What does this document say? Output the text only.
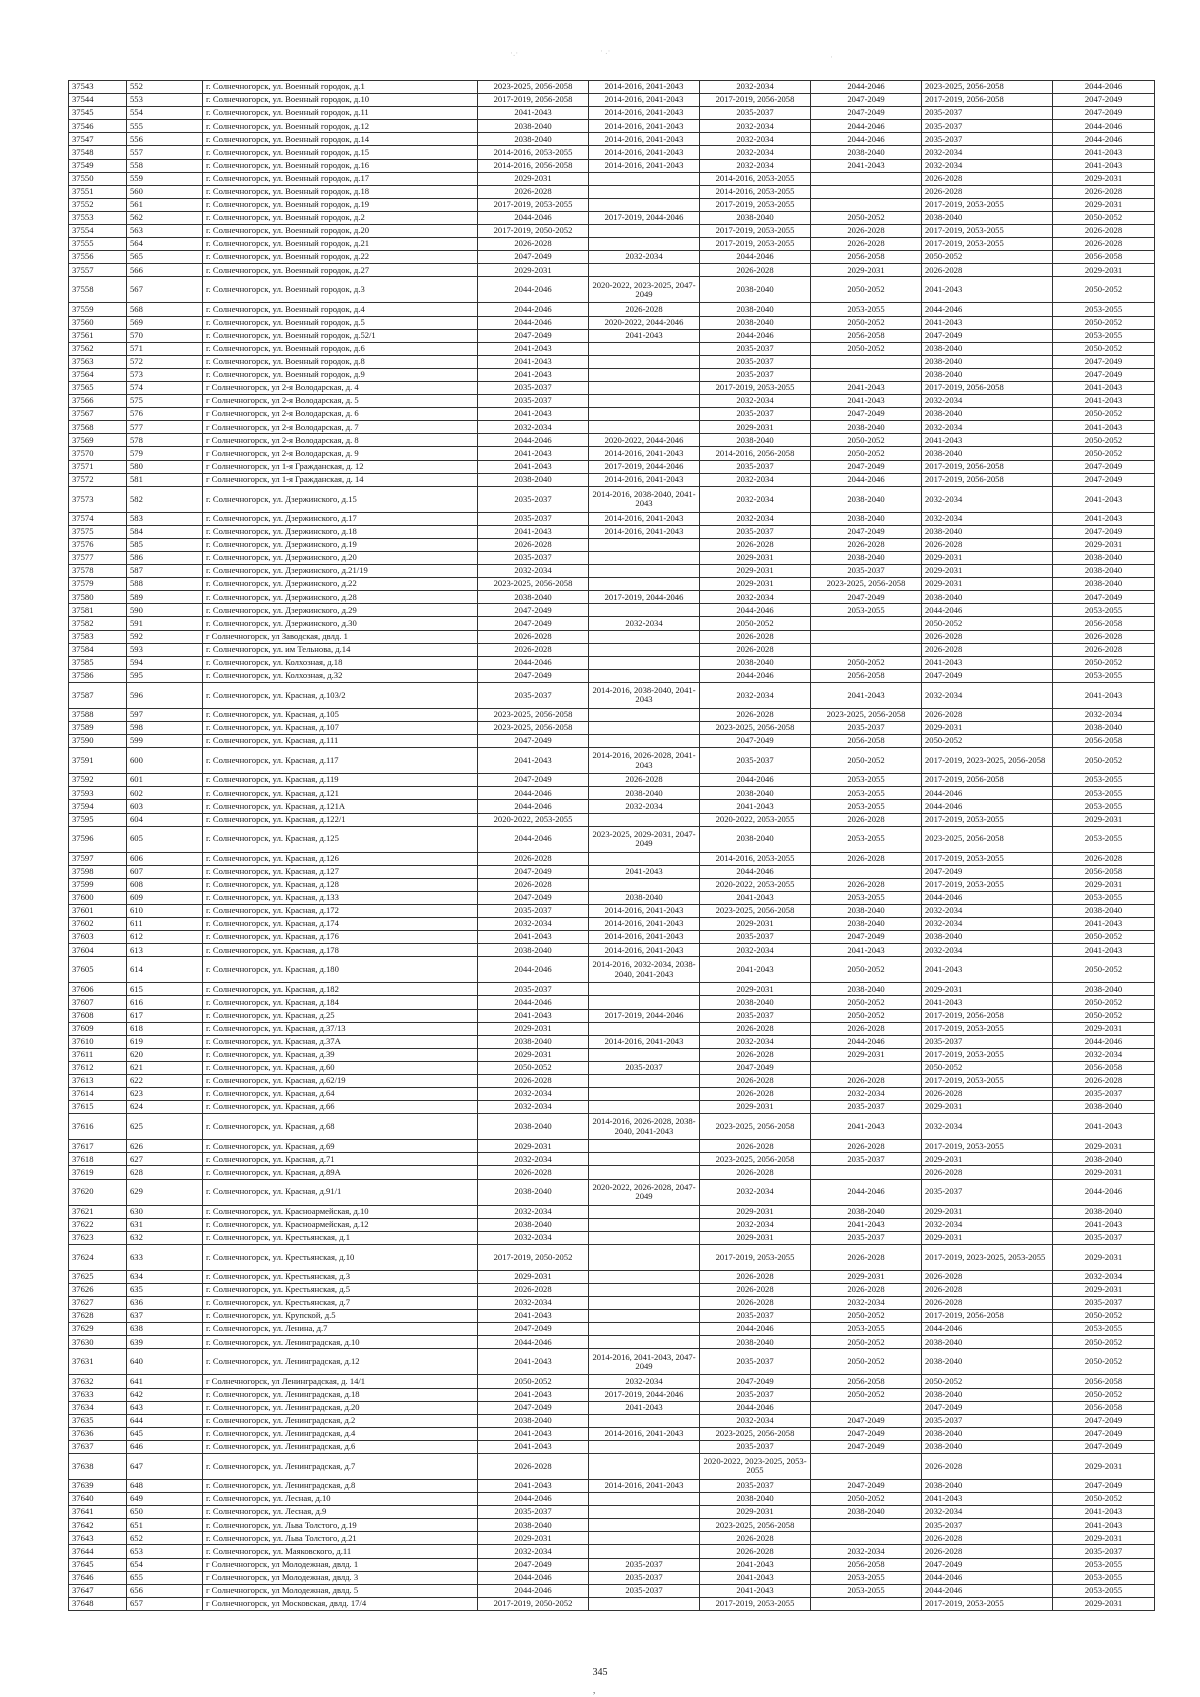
·.·	· .·
·
37543	552	г. Солнечногорск, ул. Военный городок, д.1	2023-2025, 2056-2058	2014-2016, 2041-2043	2032-2034	2044-2046	2023-2025, 2056-2058	2044-2046
37544	553	г. Солнечногорск, ул. Военный городок, д.10	2017-2019, 2056-2058	2014-2016, 2041-2043	2017-2019, 2056-2058	2047-2049	2017-2019, 2056-2058	2047-2049
37545	554	г. Солнечногорск, ул. Военный городок, д.11	2041-2043	2014-2016, 2041-2043	2035-2037	2047-2049	2035-2037	2047-2049
37546	555	г. Солнечногорск, ул. Военный городок, д.12	2038-2040	2014-2016, 2041-2043	2032-2034	2044-2046	2035-2037	2044-2046
37547	556	г. Солнечногорск, ул. Военный городок, д.14	2038-2040	2014-2016, 2041-2043	2032-2034	2044-2046	2035-2037	2044-2046
37548	557	г. Солнечногорск, ул. Военный городок, д.15	2014-2016, 2053-2055	2014-2016, 2041-2043	2032-2034	2038-2040	2032-2034	2041-2043
37549	558	г. Солнечногорск, ул. Военный городок, д.16	2014-2016, 2056-2058	2014-2016, 2041-2043	2032-2034	2041-2043	2032-2034	2041-2043
37550	559	г. Солнечногорск, ул. Военный городок, д.17	2029-2031		2014-2016, 2053-2055		2026-2028	2029-2031
37551	560	г. Солнечногорск, ул. Военный городок, д.18	2026-2028		2014-2016, 2053-2055		2026-2028	2026-2028
37552	561	г. Солнечногорск, ул. Военный городок, д.19	2017-2019, 2053-2055		2017-2019, 2053-2055		2017-2019, 2053-2055	2029-2031
37553	562	г. Солнечногорск, ул. Военный городок, д.2	2044-2046	2017-2019, 2044-2046	2038-2040	2050-2052	2038-2040	2050-2052
37554	563	г. Солнечногорск, ул. Военный городок, д.20	2017-2019, 2050-2052		2017-2019, 2053-2055	2026-2028	2017-2019, 2053-2055	2026-2028
37555	564	г. Солнечногорск, ул. Военный городок, д.21	2026-2028		2017-2019, 2053-2055	2026-2028	2017-2019, 2053-2055	2026-2028
37556	565	г. Солнечногорск, ул. Военный городок, д.22	2047-2049	2032-2034	2044-2046	2056-2058	2050-2052	2056-2058
37557	566	г. Солнечногорск, ул. Военный городок, д.27	2029-2031		2026-2028	2029-2031	2026-2028	2029-2031
37558	567	г. Солнечногорск, ул. Военный городок, д.3	2044-2046	2020-2022, 2023-2025, 2047-2049	2038-2040	2050-2052	2041-2043	2050-2052
37559	568	г. Солнечногорск, ул. Военный городок, д.4	2044-2046	2026-2028	2038-2040	2053-2055	2044-2046	2053-2055
37560	569	г. Солнечногорск, ул. Военный городок, д.5	2044-2046	2020-2022, 2044-2046	2038-2040	2050-2052	2041-2043	2050-2052
37561	570	г. Солнечногорск, ул. Военный городок, д.52/1	2047-2049	2041-2043	2044-2046	2056-2058	2047-2049	2053-2055
37562	571	г. Солнечногорск, ул. Военный городок, д.6	2041-2043		2035-2037	2050-2052	2038-2040	2050-2052
37563	572	г. Солнечногорск, ул. Военный городок, д.8	2041-2043		2035-2037		2038-2040	2047-2049
37564	573	г. Солнечногорск, ул. Военный городок, д.9	2041-2043		2035-2037		2038-2040	2047-2049
37565	574	г Солнечногорск, ул 2-я Володарская, д. 4	2035-2037		2017-2019, 2053-2055	2041-2043	2017-2019, 2056-2058	2041-2043
37566	575	г Солнечногорск, ул 2-я Володарская, д. 5	2035-2037		2032-2034	2041-2043	2032-2034	2041-2043
37567	576	г Солнечногорск, ул 2-я Володарская, д. 6	2041-2043		2035-2037	2047-2049	2038-2040	2050-2052
37568	577	г Солнечногорск, ул 2-я Володарская, д. 7	2032-2034		2029-2031	2038-2040	2032-2034	2041-2043
37569	578	г Солнечногорск, ул 2-я Володарская, д. 8	2044-2046	2020-2022, 2044-2046	2038-2040	2050-2052	2041-2043	2050-2052
37570	579	г Солнечногорск, ул 2-я Володарская, д. 9	2041-2043	2014-2016, 2041-2043	2014-2016, 2056-2058	2050-2052	2038-2040	2050-2052
37571	580	г Солнечногорск, ул 1-я Гражданская, д. 12	2041-2043	2017-2019, 2044-2046	2035-2037	2047-2049	2017-2019, 2056-2058	2047-2049
37572	581	г Солнечногорск, ул 1-я Гражданская, д. 14	2038-2040	2014-2016, 2041-2043	2032-2034	2044-2046	2017-2019, 2056-2058	2047-2049
37573	582	г. Солнечногорск, ул. Дзержинского, д.15	2035-2037	2014-2016, 2038-2040, 2041-2043	2032-2034	2038-2040	2032-2034	2041-2043
37574	583	г. Солнечногорск, ул. Дзержинского, д.17	2035-2037	2014-2016, 2041-2043	2032-2034	2038-2040	2032-2034	2041-2043
37575	584	г. Солнечногорск, ул. Дзержинского, д.18	2041-2043	2014-2016, 2041-2043	2035-2037	2047-2049	2038-2040	2047-2049
37576	585	г. Солнечногорск, ул. Дзержинского, д.19	2026-2028		2026-2028	2026-2028	2026-2028	2029-2031
37577	586	г. Солнечногорск, ул. Дзержинского, д.20	2035-2037		2029-2031	2038-2040	2029-2031	2038-2040
37578	587	г. Солнечногорск, ул. Дзержинского, д.21/19	2032-2034		2029-2031	2035-2037	2029-2031	2038-2040
37579	588	г. Солнечногорск, ул. Дзержинского, д.22	2023-2025, 2056-2058		2029-2031	2023-2025, 2056-2058	2029-2031	2038-2040
37580	589	г. Солнечногорск, ул. Дзержинского, д.28	2038-2040	2017-2019, 2044-2046	2032-2034	2047-2049	2038-2040	2047-2049
37581	590	г. Солнечногорск, ул. Дзержинского, д.29	2047-2049		2044-2046	2053-2055	2044-2046	2053-2055
37582	591	г. Солнечногорск, ул. Дзержинского, д.30	2047-2049	2032-2034	2050-2052		2050-2052	2056-2058
37583	592	г Солнечногорск, ул Заводская, двлд. 1	2026-2028		2026-2028		2026-2028	2026-2028
37584	593	г. Солнечногорск, ул. им Тельнова, д.14	2026-2028		2026-2028		2026-2028	2026-2028
37585	594	г. Солнечногорск, ул. Колхозная, д.18	2044-2046		2038-2040	2050-2052	2041-2043	2050-2052
37586	595	г. Солнечногорск, ул. Колхозная, д.32	2047-2049		2044-2046	2056-2058	2047-2049	2053-2055
37587	596	г. Солнечногорск, ул. Красная, д.103/2	2035-2037	2014-2016, 2038-2040, 2041-2043	2032-2034	2041-2043	2032-2034	2041-2043
37588	597	г. Солнечногорск, ул. Красная, д.105	2023-2025, 2056-2058		2026-2028	2023-2025, 2056-2058	2026-2028	2032-2034
37589	598	г. Солнечногорск, ул. Красная, д.107	2023-2025, 2056-2058		2023-2025, 2056-2058	2035-2037	2029-2031	2038-2040
37590	599	г. Солнечногорск, ул. Красная, д.111	2047-2049		2047-2049	2056-2058	2050-2052	2056-2058
37591	600	г. Солнечногорск, ул. Красная, д.117	2041-2043	2014-2016, 2026-2028, 2041-2043	2035-2037	2050-2052	2017-2019, 2023-2025, 2056-2058	2050-2052
37592	601	г. Солнечногорск, ул. Красная, д.119	2047-2049	2026-2028	2044-2046	2053-2055	2017-2019, 2056-2058	2053-2055
37593	602	г. Солнечногорск, ул. Красная, д.121	2044-2046	2038-2040	2038-2040	2053-2055	2044-2046	2053-2055
37594	603	г. Солнечногорск, ул. Красная, д.121А	2044-2046	2032-2034	2041-2043	2053-2055	2044-2046	2053-2055
37595	604	г. Солнечногорск, ул. Красная, д.122/1	2020-2022, 2053-2055		2020-2022, 2053-2055	2026-2028	2017-2019, 2053-2055	2029-2031
37596	605	г. Солнечногорск, ул. Красная, д.125	2044-2046	2023-2025, 2029-2031, 2047-2049	2038-2040	2053-2055	2023-2025, 2056-2058	2053-2055
37597	606	г. Солнечногорск, ул. Красная, д.126	2026-2028		2014-2016, 2053-2055	2026-2028	2017-2019, 2053-2055	2026-2028
37598	607	г. Солнечногорск, ул. Красная, д.127	2047-2049	2041-2043	2044-2046		2047-2049	2056-2058
37599	608	г. Солнечногорск, ул. Красная, д.128	2026-2028		2020-2022, 2053-2055	2026-2028	2017-2019, 2053-2055	2029-2031
37600	609	г. Солнечногорск, ул. Красная, д.133	2047-2049	2038-2040	2041-2043	2053-2055	2044-2046	2053-2055
37601	610	г. Солнечногорск, ул. Красная, д.172	2035-2037	2014-2016, 2041-2043	2023-2025, 2056-2058	2038-2040	2032-2034	2038-2040
37602	611	г. Солнечногорск, ул. Красная, д.174	2032-2034	2014-2016, 2041-2043	2029-2031	2038-2040	2032-2034	2041-2043
37603	612	г. Солнечногорск, ул. Красная, д.176	2041-2043	2014-2016, 2041-2043	2035-2037	2047-2049	2038-2040	2050-2052
37604	613	г. Солнечногорск, ул. Красная, д.178	2038-2040	2014-2016, 2041-2043	2032-2034	2041-2043	2032-2034	2041-2043
37605	614	г. Солнечногорск, ул. Красная, д.180	2044-2046	2014-2016, 2032-2034, 2038-2040, 2041-2043	2041-2043	2050-2052	2041-2043	2050-2052
37606	615	г. Солнечногорск, ул. Красная, д.182	2035-2037		2029-2031	2038-2040	2029-2031	2038-2040
37607	616	г. Солнечногорск, ул. Красная, д.184	2044-2046		2038-2040	2050-2052	2041-2043	2050-2052
37608	617	г. Солнечногорск, ул. Красная, д.25	2041-2043	2017-2019, 2044-2046	2035-2037	2050-2052	2017-2019, 2056-2058	2050-2052
37609	618	г. Солнечногорск, ул. Красная, д.37/13	2029-2031		2026-2028	2026-2028	2017-2019, 2053-2055	2029-2031
37610	619	г. Солнечногорск, ул. Красная, д.37А	2038-2040	2014-2016, 2041-2043	2032-2034	2044-2046	2035-2037	2044-2046
37611	620	г. Солнечногорск, ул. Красная, д.39	2029-2031		2026-2028	2029-2031	2017-2019, 2053-2055	2032-2034
37612	621	г. Солнечногорск, ул. Красная, д.60	2050-2052	2035-2037	2047-2049		2050-2052	2056-2058
37613	622	г. Солнечногорск, ул. Красная, д.62/19	2026-2028		2026-2028	2026-2028	2017-2019, 2053-2055	2026-2028
37614	623	г. Солнечногорск, ул. Красная, д.64	2032-2034		2026-2028	2032-2034	2026-2028	2035-2037
37615	624	г. Солнечногорск, ул. Красная, д.66	2032-2034		2029-2031	2035-2037	2029-2031	2038-2040
37616	625	г. Солнечногорск, ул. Красная, д.68	2038-2040	2014-2016, 2026-2028, 2038-2040, 2041-2043	2023-2025, 2056-2058	2041-2043	2032-2034	2041-2043
37617	626	г. Солнечногорск, ул. Красная, д.69	2029-2031		2026-2028	2026-2028	2017-2019, 2053-2055	2029-2031
37618	627	г. Солнечногорск, ул. Красная, д.71	2032-2034		2023-2025, 2056-2058	2035-2037	2029-2031	2038-2040
37619	628	г. Солнечногорск, ул. Красная, д.89А	2026-2028		2026-2028		2026-2028	2029-2031
37620	629	г. Солнечногорск, ул. Красная, д.91/1	2038-2040	2020-2022, 2026-2028, 2047-2049	2032-2034	2044-2046	2035-2037	2044-2046
37621	630	г. Солнечногорск, ул. Красноармейская, д.10	2032-2034		2029-2031	2038-2040	2029-2031	2038-2040
37622	631	г. Солнечногорск, ул. Красноармейская, д.12	2038-2040		2032-2034	2041-2043	2032-2034	2041-2043
37623	632	г. Солнечногорск, ул. Крестьянская, д.1	2032-2034		2029-2031	2035-2037	2029-2031	2035-2037
37624	633	г. Солнечногорск, ул. Крестьянская, д.10	2017-2019, 2050-2052		2017-2019, 2053-2055	2026-2028	2017-2019, 2023-2025, 2053-2055	2029-2031
37625	634	г. Солнечногорск, ул. Крестьянская, д.3	2029-2031		2026-2028	2029-2031	2026-2028	2032-2034
37626	635	г. Солнечногорск, ул. Крестьянская, д.5	2026-2028		2026-2028	2026-2028	2026-2028	2029-2031
37627	636	г. Солнечногорск, ул. Крестьянская, д.7	2032-2034		2026-2028	2032-2034	2026-2028	2035-2037
37628	637	г. Солнечногорск, ул. Крупской, д.5	2041-2043		2035-2037	2050-2052	2017-2019, 2056-2058	2050-2052
37629	638	г. Солнечногорск, ул. Ленина, д.7	2047-2049		2044-2046	2053-2055	2044-2046	2053-2055
37630	639	г. Солнечногорск, ул. Ленинградская, д.10	2044-2046		2038-2040	2050-2052	2038-2040	2050-2052
37631	640	г. Солнечногорск, ул. Ленинградская, д.12	2041-2043	2014-2016, 2041-2043, 2047-2049	2035-2037	2050-2052	2038-2040	2050-2052
37632	641	г Солнечногорск, ул Ленинградская, д. 14/1	2050-2052	2032-2034	2047-2049	2056-2058	2050-2052	2056-2058
37633	642	г. Солнечногорск, ул. Ленинградская, д.18	2041-2043	2017-2019, 2044-2046	2035-2037	2050-2052	2038-2040	2050-2052
37634	643	г. Солнечногорск, ул. Ленинградская, д.20	2047-2049	2041-2043	2044-2046		2047-2049	2056-2058
37635	644	г. Солнечногорск, ул. Ленинградская, д.2	2038-2040		2032-2034	2047-2049	2035-2037	2047-2049
37636	645	г. Солнечногорск, ул. Ленинградская, д.4	2041-2043	2014-2016, 2041-2043	2023-2025, 2056-2058	2047-2049	2038-2040	2047-2049
37637	646	г. Солнечногорск, ул. Ленинградская, д.6	2041-2043		2035-2037	2047-2049	2038-2040	2047-2049
37638	647	г. Солнечногорск, ул. Ленинградская, д.7	2026-2028		2020-2022, 2023-2025, 2053-2055		2026-2028	2029-2031
37639	648	г. Солнечногорск, ул. Ленинградская, д.8	2041-2043	2014-2016, 2041-2043	2035-2037	2047-2049	2038-2040	2047-2049
37640	649	г. Солнечногорск, ул. Лесная, д.10	2044-2046		2038-2040	2050-2052	2041-2043	2050-2052
37641	650	г. Солнечногорск, ул. Лесная, д.9	2035-2037		2029-2031	2038-2040	2032-2034	2041-2043
37642	651	г. Солнечногорск, ул. Льва Толстого, д.19	2038-2040		2023-2025, 2056-2058		2035-2037	2041-2043
37643	652	г. Солнечногорск, ул. Льва Толстого, д.21	2029-2031		2026-2028		2026-2028	2029-2031
37644	653	г. Солнечногорск, ул. Маяковского, д.11	2032-2034		2026-2028	2032-2034	2026-2028	2035-2037
37645	654	г Солнечногорск, ул Молодежная, двлд. 1	2047-2049	2035-2037	2041-2043	2056-2058	2047-2049	2053-2055
37646	655	г Солнечногорск, ул Молодежная, двлд. 3	2044-2046	2035-2037	2041-2043	2053-2055	2044-2046	2053-2055
37647	656	г Солнечногорск, ул Молодежная, двлд. 5	2044-2046	2035-2037	2041-2043	2053-2055	2044-2046	2053-2055
37648	657	г Солнечногорск, ул Московская, двлд. 17/4	2017-2019, 2050-2052		2017-2019, 2053-2055		2017-2019, 2053-2055	2029-2031
345
,
